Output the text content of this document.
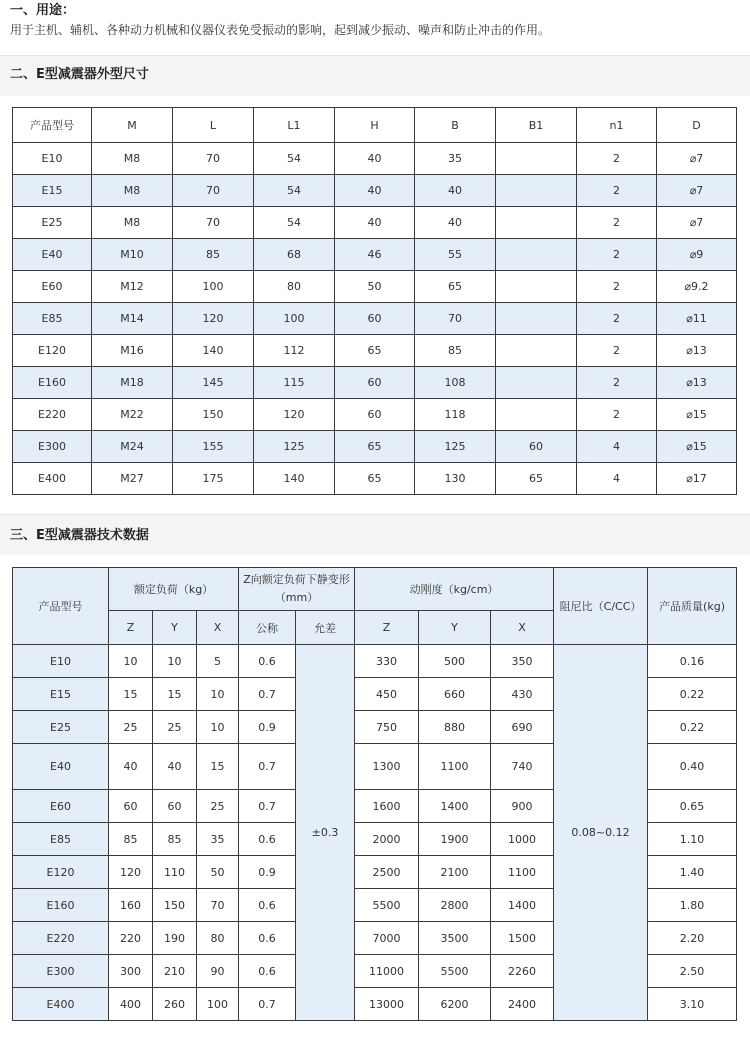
一、用途：
用于主机、辅机、各种动力机械和仪器仪表免受振动的影响，起到减少振动、噪声和防止冲击的作用。
二、E型减震器外型尺寸
产品型号	M	L	L1	H	B	B1	n1	D
E10	M8	70	54	40	35		2	⌀7
E15	M8	70	54	40	40		2	⌀7
E25	M8	70	54	40	40		2	⌀7
E40	M10	85	68	46	55		2	⌀9
E60	M12	100	80	50	65		2	⌀9.2
E85	M14	120	100	60	70		2	⌀11
E120	M16	140	112	65	85		2	⌀13
E160	M18	145	115	60	108		2	⌀13
E220	M22	150	120	60	118		2	⌀15
E300	M24	155	125	65	125	60	4	⌀15
E400	M27	175	140	65	130	65	4	⌀17
三、E型减震器技术数据
产品型号	额定负荷（kg）			Z向额定负荷下静变形（mm）		动刚度（kg/cm）			阻尼比（C/CC）	产品质量(kg)
	Z	Y	X	公称	允差	Z	Y	X		
E10	10	10	5	0.6	±0.3	330	500	350	0.08~0.12	0.16
E15	15	15	10	0.7		450	660	430		0.22
E25	25	25	10	0.9		750	880	690		0.22
E40	40	40	15	0.7		1300	1100	740		0.40
E60	60	60	25	0.7		1600	1400	900		0.65
E85	85	85	35	0.6		2000	1900	1000		1.10
E120	120	110	50	0.9		2500	2100	1100		1.40
E160	160	150	70	0.6		5500	2800	1400		1.80
E220	220	190	80	0.6		7000	3500	1500		2.20
E300	300	210	90	0.6		11000	5500	2260		2.50
E400	400	260	100	0.7		13000	6200	2400		3.10
